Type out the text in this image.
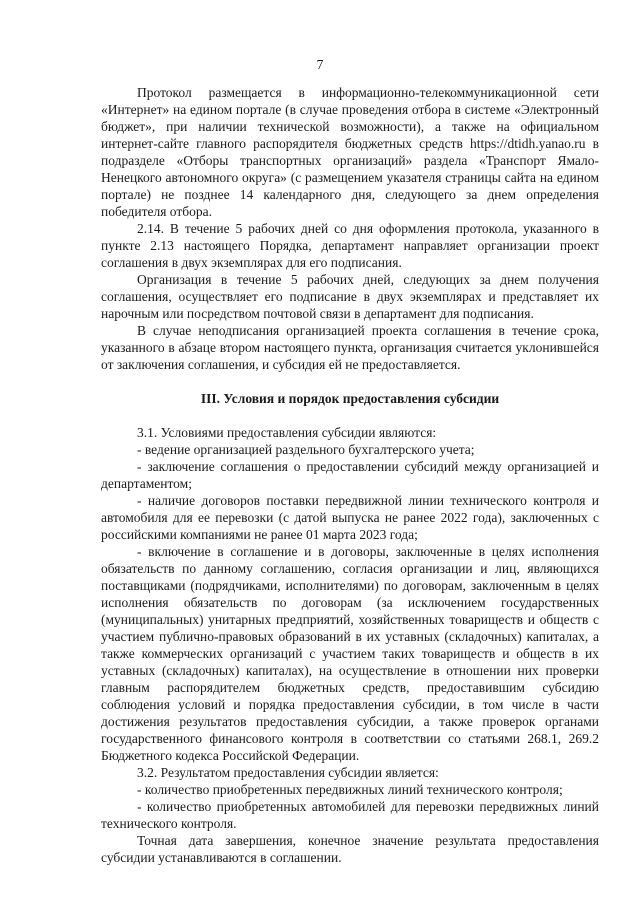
7

Протокол размещается в информационно-телекоммуникационной сети «Интернет» на едином портале (в случае проведения отбора в системе «Электронный бюджет», при наличии технической возможности), а также на официальном интернет-сайте главного распорядителя бюджетных средств https://dtidh.yanao.ru в подразделе «Отборы транспортных организаций» раздела «Транспорт Ямало-Ненецкого автономного округа» (с размещением указателя страницы сайта на едином портале) не позднее 14 календарного дня, следующего за днем определения победителя отбора.

2.14. В течение 5 рабочих дней со дня оформления протокола, указанного в пункте 2.13 настоящего Порядка, департамент направляет организации проект соглашения в двух экземплярах для его подписания.

Организация в течение 5 рабочих дней, следующих за днем получения соглашения, осуществляет его подписание в двух экземплярах и представляет их нарочным или посредством почтовой связи в департамент для подписания.

В случае неподписания организацией проекта соглашения в течение срока, указанного в абзаце втором настоящего пункта, организация считается уклонившейся от заключения соглашения, и субсидия ей не предоставляется.

III. Условия и порядок предоставления субсидии

3.1. Условиями предоставления субсидии являются:

- ведение организацией раздельного бухгалтерского учета;

- заключение соглашения о предоставлении субсидий между организацией и департаментом;

- наличие договоров поставки передвижной линии технического контроля и автомобиля для ее перевозки (с датой выпуска не ранее 2022 года), заключенных с российскими компаниями не ранее 01 марта 2023 года;

- включение в соглашение и в договоры, заключенные в целях исполнения обязательств по данному соглашению, согласия организации и лиц, являющихся поставщиками (подрядчиками, исполнителями) по договорам, заключенным в целях исполнения обязательств по договорам (за исключением государственных (муниципальных) унитарных предприятий, хозяйственных товариществ и обществ с участием публично-правовых образований в их уставных (складочных) капиталах, а также коммерческих организаций с участием таких товариществ и обществ в их уставных (складочных) капиталах), на осуществление в отношении них проверки главным распорядителем бюджетных средств, предоставившим субсидию соблюдения условий и порядка предоставления субсидии, в том числе в части достижения результатов предоставления субсидии, а также проверок органами государственного финансового контроля в соответствии со статьями 268.1, 269.2 Бюджетного кодекса Российской Федерации.

3.2. Результатом предоставления субсидии является:

- количество приобретенных передвижных линий технического контроля;

- количество приобретенных автомобилей для перевозки передвижных линий технического контроля.

Точная дата завершения, конечное значение результата предоставления субсидии устанавливаются в соглашении.
